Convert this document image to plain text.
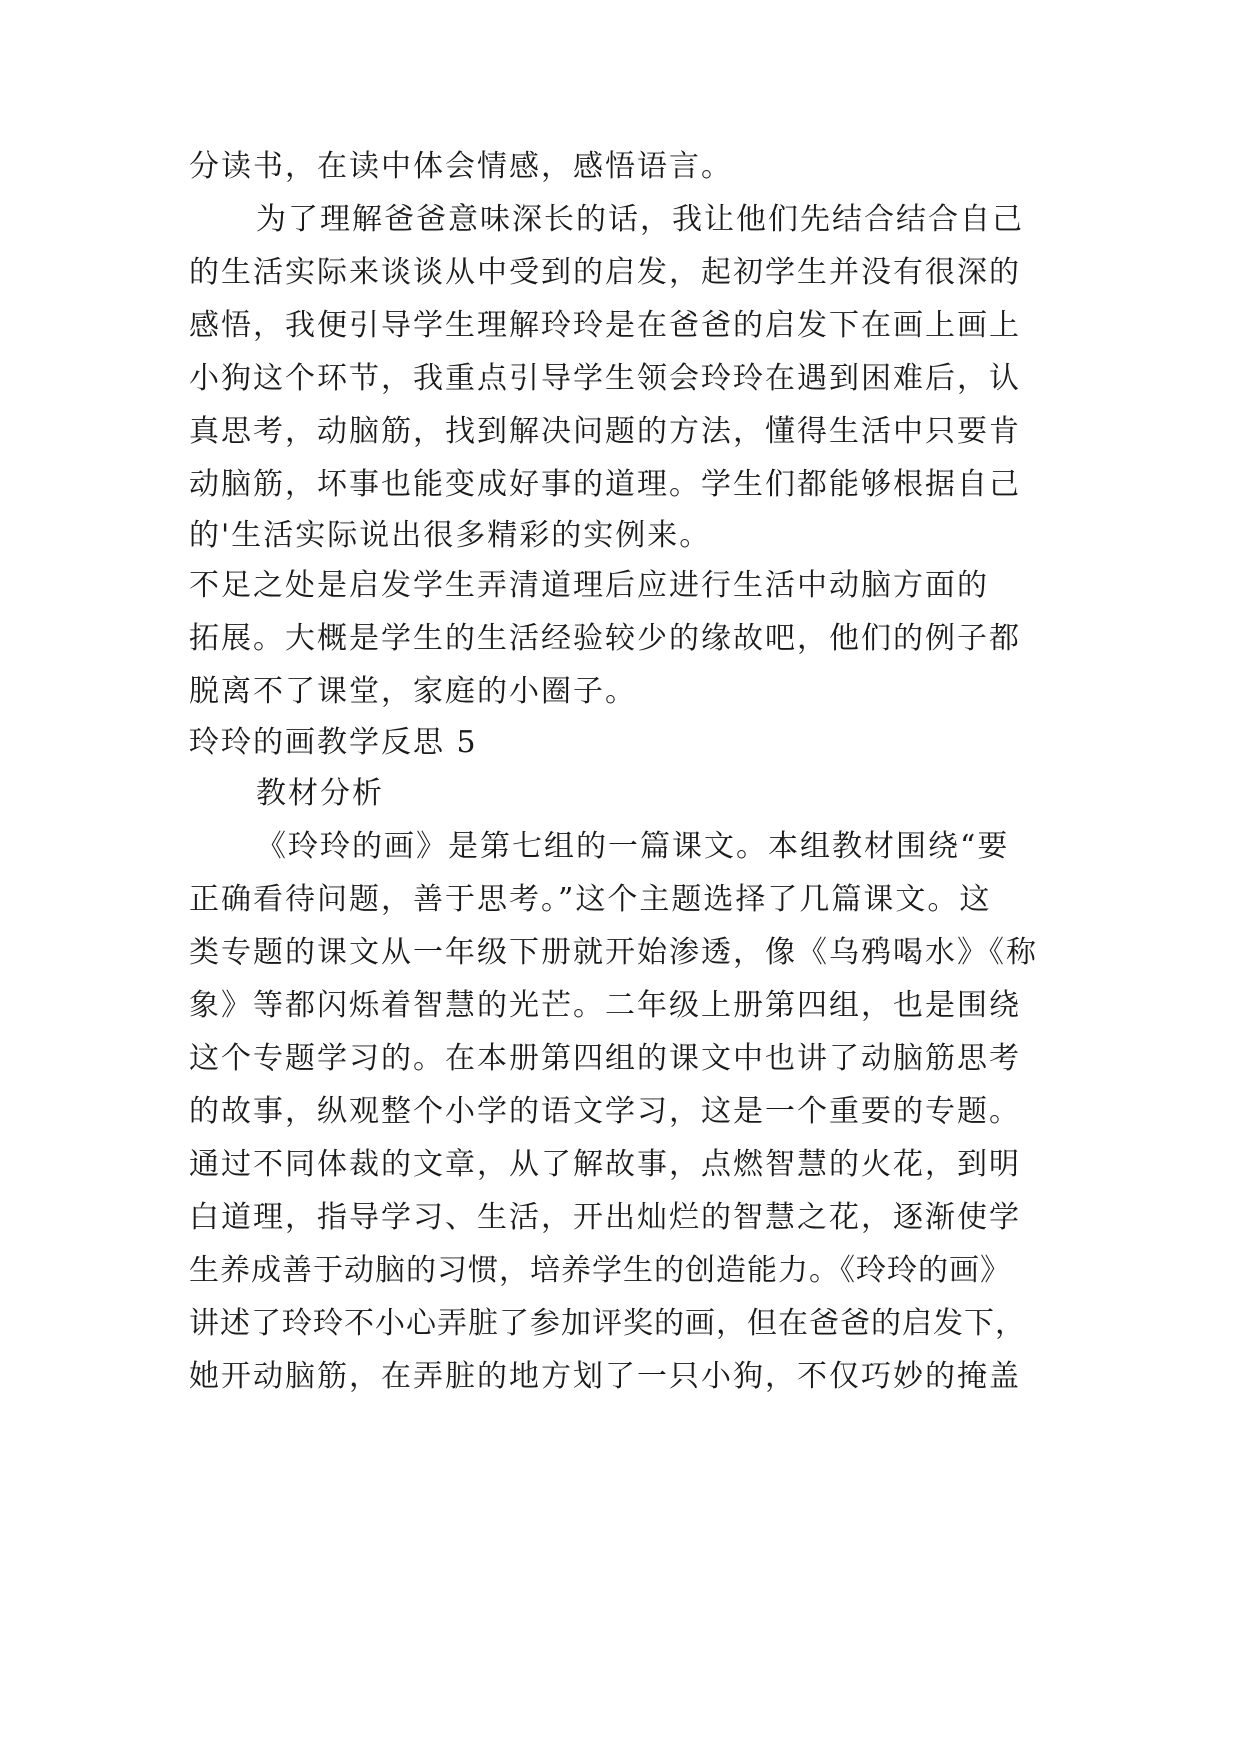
分读书，在读中体会情感，感悟语言。
为了理解爸爸意味深长的话，我让他们先结合结合自己
的生活实际来谈谈从中受到的启发，起初学生并没有很深的
感悟，我便引导学生理解玲玲是在爸爸的启发下在画上画上
小狗这个环节，我重点引导学生领会玲玲在遇到困难后，认
真思考，动脑筋，找到解决问题的方法，懂得生活中只要肯
动脑筋，坏事也能变成好事的道理。学生们都能够根据自己
的'生活实际说出很多精彩的实例来。
不足之处是启发学生弄清道理后应进行生活中动脑方面的
拓展。大概是学生的生活经验较少的缘故吧，他们的例子都
脱离不了课堂，家庭的小圈子。
玲玲的画教学反思 5
教材分析
《玲玲的画》是第七组的一篇课文。本组教材围绕“要
正确看待问题，善于思考。”这个主题选择了几篇课文。这
类专题的课文从一年级下册就开始渗透，像《乌鸦喝水》《称
象》等都闪烁着智慧的光芒。二年级上册第四组，也是围绕
这个专题学习的。在本册第四组的课文中也讲了动脑筋思考
的故事，纵观整个小学的语文学习，这是一个重要的专题。
通过不同体裁的文章，从了解故事，点燃智慧的火花，到明
白道理，指导学习、生活，开出灿烂的智慧之花，逐渐使学
生养成善于动脑的习惯，培养学生的创造能力。《玲玲的画》
讲述了玲玲不小心弄脏了参加评奖的画，但在爸爸的启发下，
她开动脑筋，在弄脏的地方划了一只小狗，不仅巧妙的掩盖
